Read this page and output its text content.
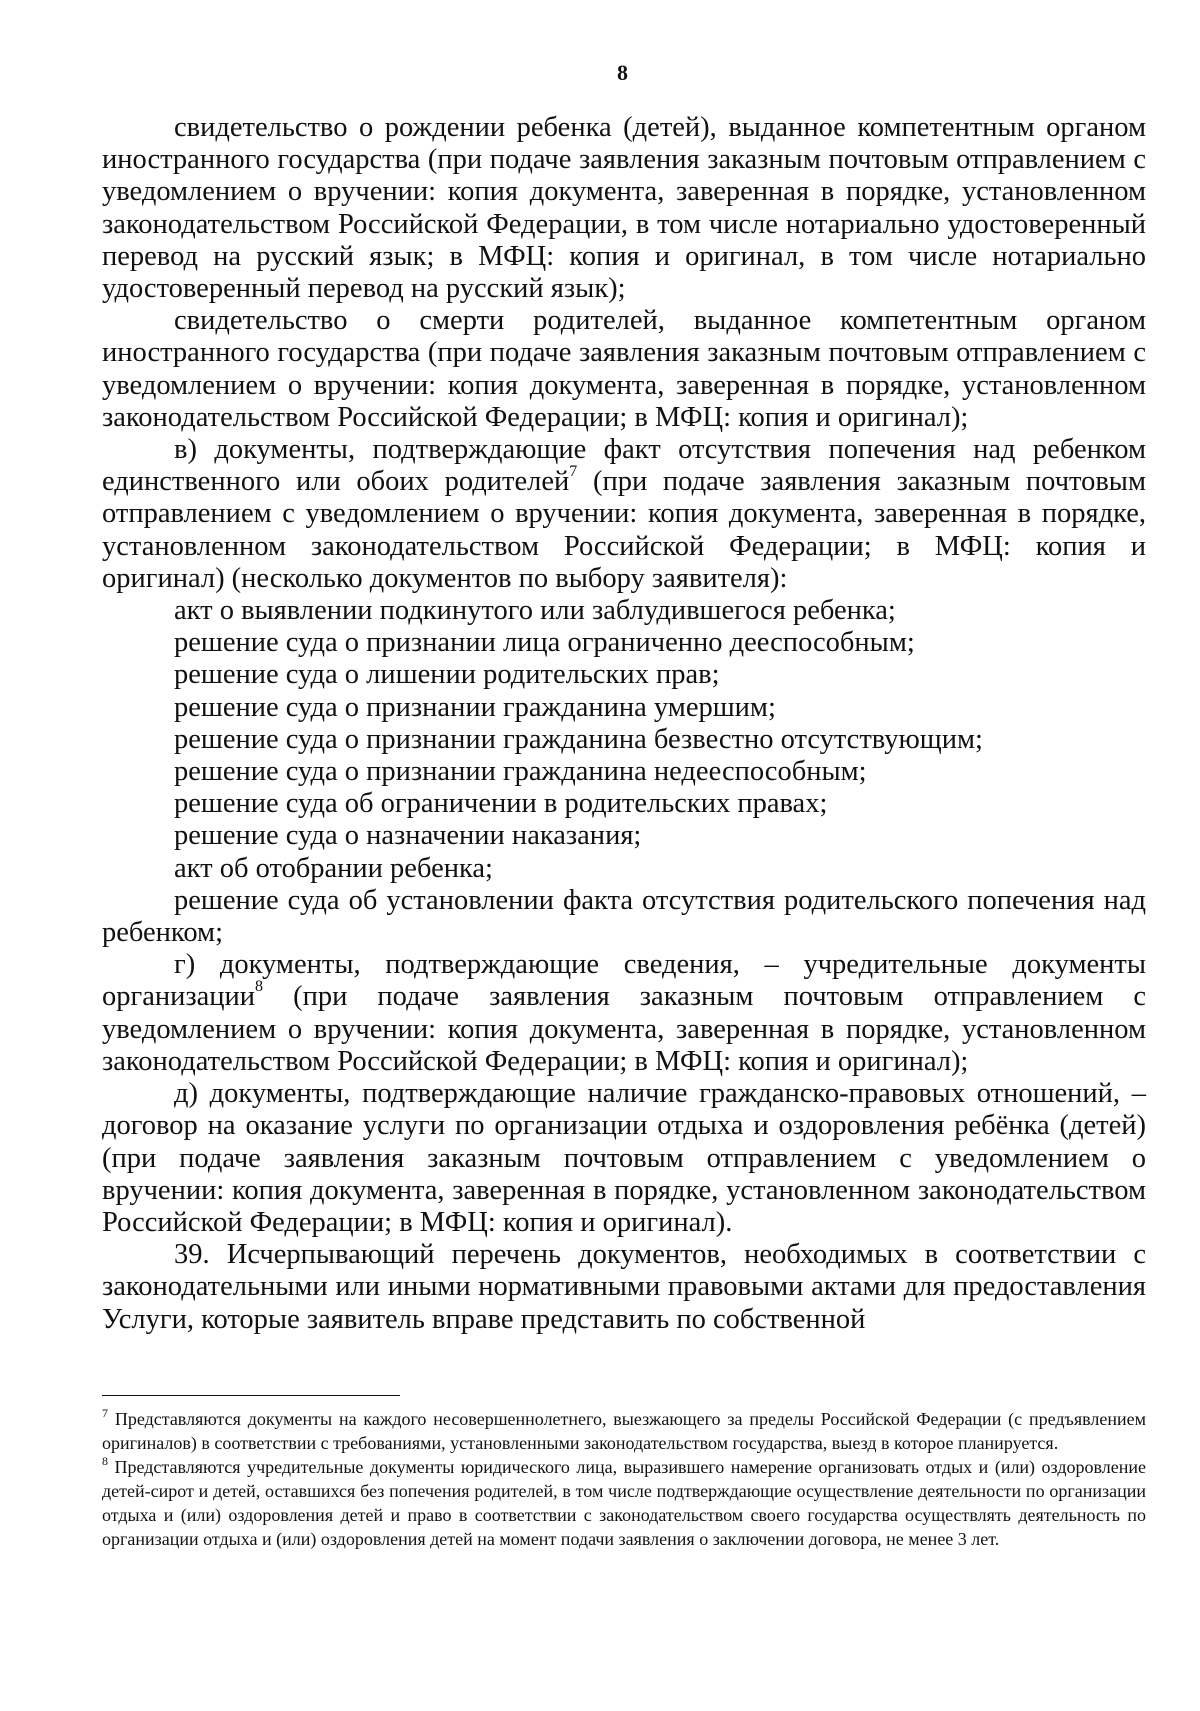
8

свидетельство о рождении ребенка (детей), выданное компетентным органом иностранного государства (при подаче заявления заказным почтовым отправлением с уведомлением о вручении: копия документа, заверенная в порядке, установленном законодательством Российской Федерации, в том числе нотариально удостоверенный перевод на русский язык; в МФЦ: копия и оригинал, в том числе нотариально удостоверенный перевод на русский язык);

свидетельство о смерти родителей, выданное компетентным органом иностранного государства (при подаче заявления заказным почтовым отправлением с уведомлением о вручении: копия документа, заверенная в порядке, установленном законодательством Российской Федерации; в МФЦ: копия и оригинал);

в) документы, подтверждающие факт отсутствия попечения над ребенком единственного или обоих родителей$^7$ (при подаче заявления заказным почтовым отправлением с уведомлением о вручении: копия документа, заверенная в порядке, установленном законодательством Российской Федерации; в МФЦ: копия и оригинал) (несколько документов по выбору заявителя):

акт о выявлении подкинутого или заблудившегося ребенка;

решение суда о признании лица ограниченно дееспособным;

решение суда о лишении родительских прав;

решение суда о признании гражданина умершим;

решение суда о признании гражданина безвестно отсутствующим;

решение суда о признании гражданина недееспособным;

решение суда об ограничении в родительских правах;

решение суда о назначении наказания;

акт об отобрании ребенка;

решение суда об установлении факта отсутствия родительского попечения над ребенком;

г) документы, подтверждающие сведения, – учредительные документы организации$^8$ (при подаче заявления заказным почтовым отправлением с уведомлением о вручении: копия документа, заверенная в порядке, установленном законодательством Российской Федерации; в МФЦ: копия и оригинал);

д) документы, подтверждающие наличие гражданско-правовых отношений, – договор на оказание услуги по организации отдыха и оздоровления ребёнка (детей) (при подаче заявления заказным почтовым отправлением с уведомлением о вручении: копия документа, заверенная в порядке, установленном законодательством Российской Федерации; в МФЦ: копия и оригинал).

39. Исчерпывающий перечень документов, необходимых в соответствии с законодательными или иными нормативными правовыми актами для предоставления Услуги, которые заявитель вправе представить по собственной

$^7$ Представляются документы на каждого несовершеннолетнего, выезжающего за пределы Российской Федерации (с предъявлением оригиналов) в соответствии с требованиями, установленными законодательством государства, выезд в которое планируется.

$^8$ Представляются учредительные документы юридического лица, выразившего намерение организовать отдых и (или) оздоровление детей-сирот и детей, оставшихся без попечения родителей, в том числе подтверждающие осуществление деятельности по организации отдыха и (или) оздоровления детей и право в соответствии с законодательством своего государства осуществлять деятельность по организации отдыха и (или) оздоровления детей на момент подачи заявления о заключении договора, не менее 3 лет.
